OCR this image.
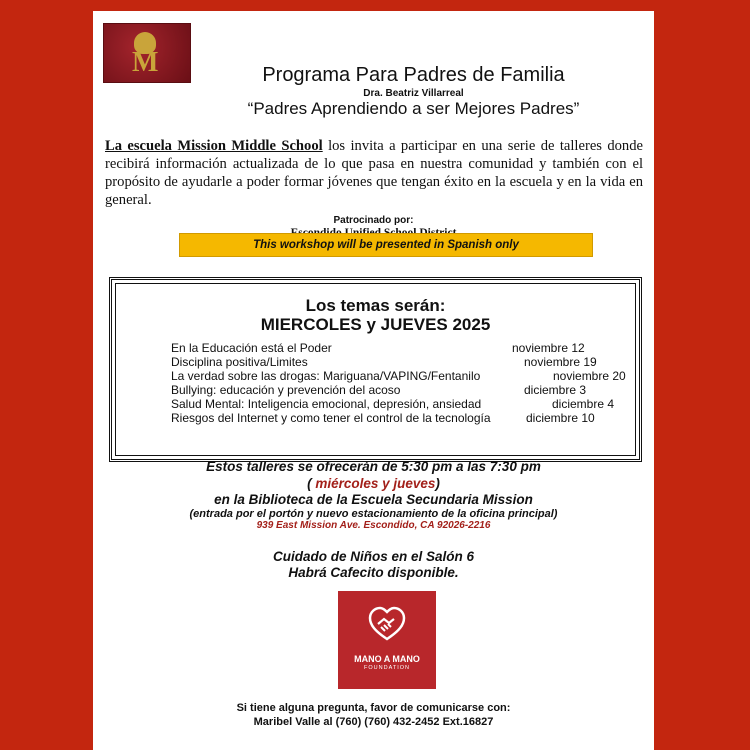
M	Programa Para Padres de Familia
Dra. Beatriz Villarreal
“Padres Aprendiendo a ser Mejores Padres”
La escuela Mission Middle School los invita a participar en una serie de talleres donde recibirá información actualizada de lo que pasa en nuestra comunidad y también con el propósito de ayudarle a poder formar jóvenes que tengan éxito en la escuela y en la vida en general.
Patrocinado por:
This workshop will be presented in Spanish only
Los temas serán:
MIERCOLES y JUEVES 2025
En la Educación está el Poder	noviembre 12
Disciplina positiva/Limites	noviembre 19
La verdad sobre las drogas: Mariguana/VAPING/Fentanilo	noviembre 20
Bullying: educación y prevención del acoso	diciembre 3
Salud Mental: Inteligencia emocional, depresión, ansiedad	diciembre 4
Riesgos del Internet y como tener el control de la tecnología	diciembre 10
Estos talleres se ofrecerán de 5:30 pm a las 7:30 pm
( miércoles y jueves)
en la Biblioteca de la Escuela Secundaria Mission
(entrada por el portón y nuevo estacionamiento de la oficina principal)
939 East Mission Ave. Escondido, CA 92026-2216
Cuidado de Niños en el Salón 6
Habrá Cafecito disponible.
MANO A MANO
FOUNDATION
Si tiene alguna pregunta, favor de comunicarse con:
Maribel Valle al (760) (760) 432-2452 Ext.16827
